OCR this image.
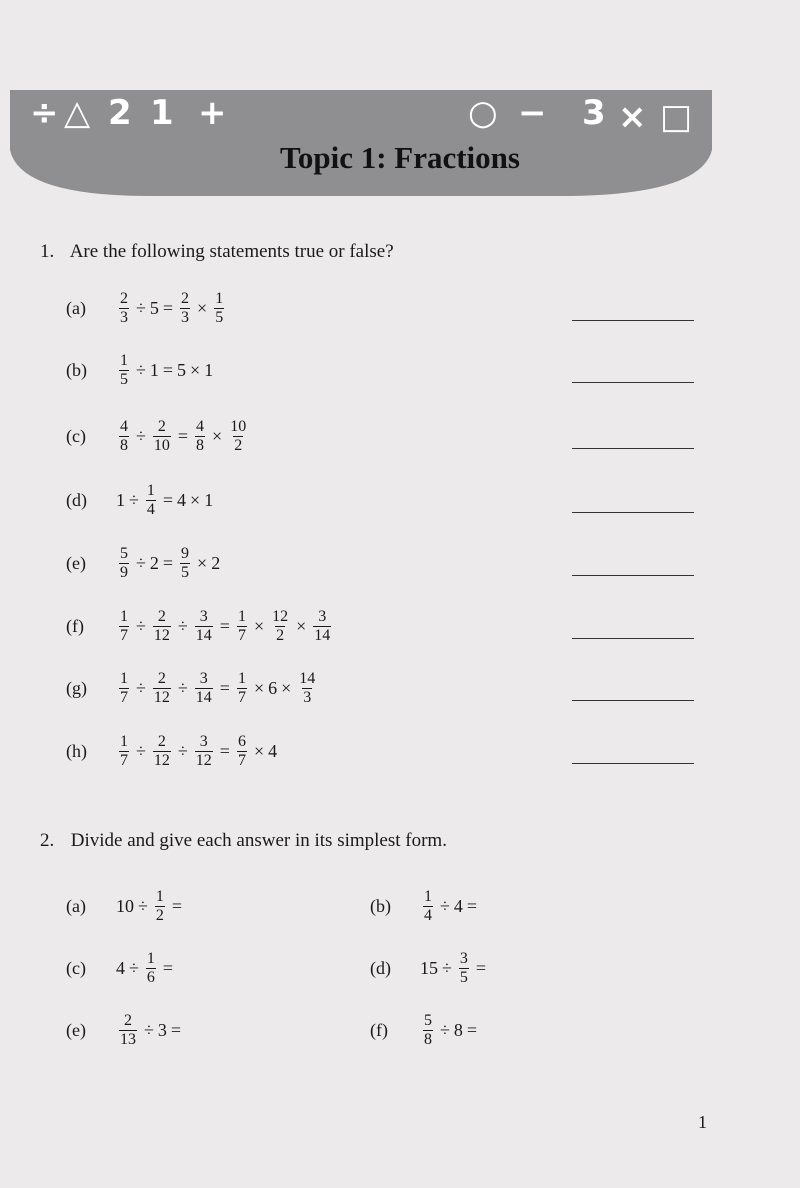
÷ △ 2 1 +	○ − 3 × □
Topic 1: Fractions
1. Are the following statements true or false?
(a)	$\frac{2}{3} \div 5 = \frac{2}{3} \times \frac{1}{5}$
(b)	$\frac{1}{5} \div 1 = 5 \times 1$
(c)	$\frac{4}{8} \div \frac{2}{10} = \frac{4}{8} \times \frac{10}{2}$
(d)	$1 \div \frac{1}{4} = 4 \times 1$
(e)	$\frac{5}{9} \div 2 = \frac{9}{5} \times 2$
(f)	$\frac{1}{7} \div \frac{2}{12} \div \frac{3}{14} = \frac{1}{7} \times \frac{12}{2} \times \frac{3}{14}$
(g)	$\frac{1}{7} \div \frac{2}{12} \div \frac{3}{14} = \frac{1}{7} \times 6 \times \frac{14}{3}$
(h)	$\frac{1}{7} \div \frac{2}{12} \div \frac{3}{12} = \frac{6}{7} \times 4$
2. Divide and give each answer in its simplest form.
(a)	$10 \div \frac{1}{2}$ =	(b)	$\frac{1}{4} \div 4$ =
(c)	$4 \div \frac{1}{6}$ =	(d)	$15 \div \frac{3}{5}$ =
(e)	$\frac{2}{13} \div 3$ =	(f)	$\frac{5}{8} \div 8$ =
1
